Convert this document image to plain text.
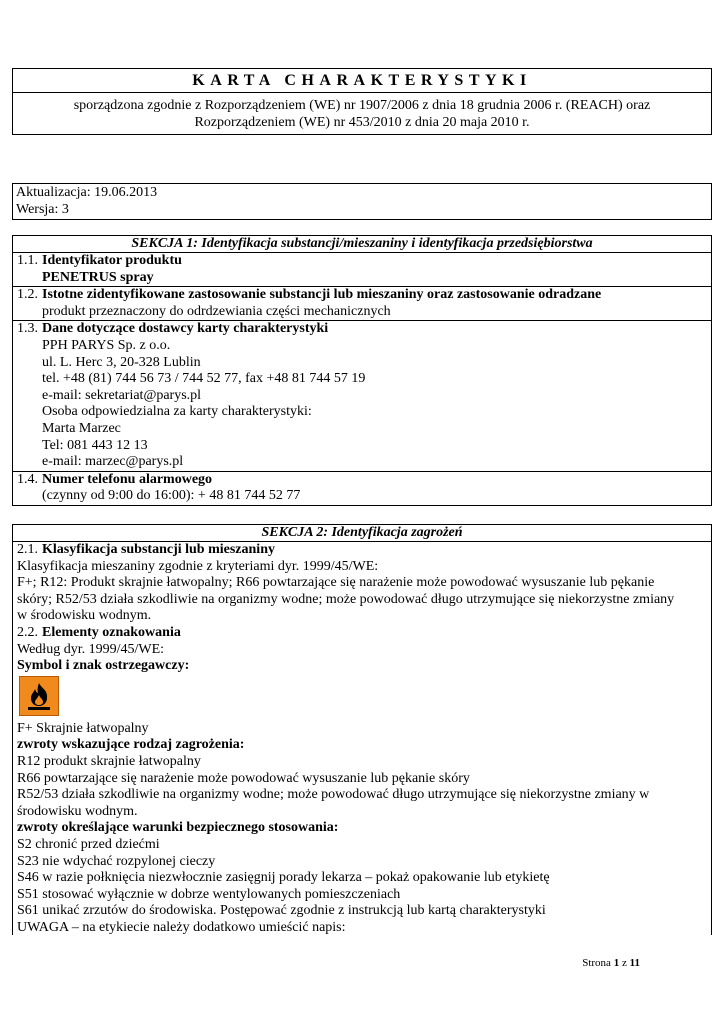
KARTA CHARAKTERYSTYKI
sporządzona zgodnie z Rozporządzeniem (WE) nr 1907/2006 z dnia 18 grudnia 2006 r. (REACH) oraz
Rozporządzeniem (WE) nr 453/2010 z dnia 20 maja 2010 r.
Aktualizacja: 19.06.2013
Wersja: 3
SEKCJA 1: Identyfikacja substancji/mieszaniny i identyfikacja przedsiębiorstwa
1.1. Identyfikator produktu
PENETRUS spray
1.2. Istotne zidentyfikowane zastosowanie substancji lub mieszaniny oraz zastosowanie odradzane
produkt przeznaczony do odrdzewiania części mechanicznych
1.3. Dane dotyczące dostawcy karty charakterystyki
PPH PARYS Sp. z o.o.
ul. L. Herc 3, 20-328 Lublin
tel. +48 (81) 744 56 73 / 744 52 77, fax +48 81 744 57 19
e-mail: sekretariat@parys.pl
Osoba odpowiedzialna za karty charakterystyki:
Marta Marzec
Tel: 081 443 12 13
e-mail: marzec@parys.pl
1.4. Numer telefonu alarmowego
(czynny od 9:00 do 16:00): + 48 81 744 52 77
SEKCJA 2: Identyfikacja zagrożeń
2.1. Klasyfikacja substancji lub mieszaniny
Klasyfikacja mieszaniny zgodnie z kryteriami dyr. 1999/45/WE:
F+; R12: Produkt skrajnie łatwopalny; R66 powtarzające się narażenie może powodować wysuszanie lub pękanie
skóry; R52/53 działa szkodliwie na organizmy wodne; może powodować długo utrzymujące się niekorzystne zmiany
w środowisku wodnym.
2.2. Elementy oznakowania
Według dyr. 1999/45/WE:
Symbol i znak ostrzegawczy:
F+ Skrajnie łatwopalny
zwroty wskazujące rodzaj zagrożenia:
R12 produkt skrajnie łatwopalny
R66 powtarzające się narażenie może powodować wysuszanie lub pękanie skóry
R52/53 działa szkodliwie na organizmy wodne; może powodować długo utrzymujące się niekorzystne zmiany w
środowisku wodnym.
zwroty określające warunki bezpiecznego stosowania:
S2 chronić przed dziećmi
S23 nie wdychać rozpylonej cieczy
S46 w razie połknięcia niezwłocznie zasięgnij porady lekarza – pokaż opakowanie lub etykietę
S51 stosować wyłącznie w dobrze wentylowanych pomieszczeniach
S61 unikać zrzutów do środowiska. Postępować zgodnie z instrukcją lub kartą charakterystyki
UWAGA – na etykiecie należy dodatkowo umieścić napis:
Strona 1 z 11
